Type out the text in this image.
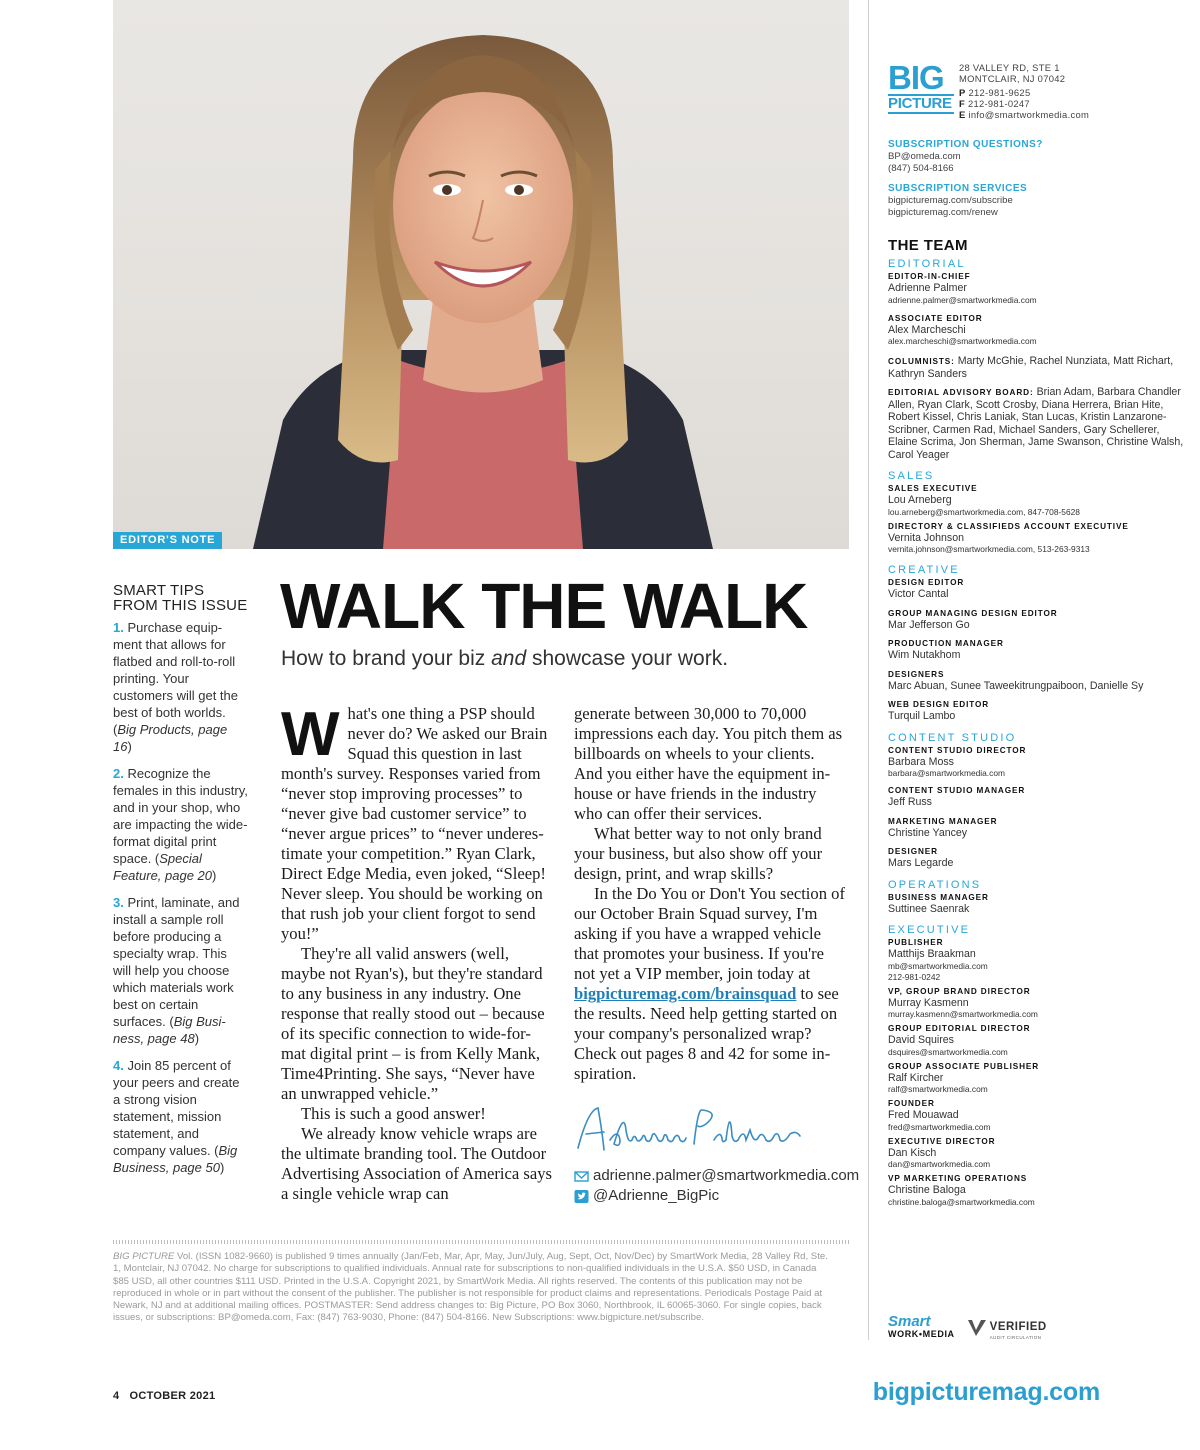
EDITOR'S NOTE
SMART TIPS FROM THIS ISSUE
1. Purchase equip-ment that allows for flatbed and roll-to-roll printing. Your customers will get the best of both worlds. (Big Products, page 16)
2. Recognize the females in this industry, and in your shop, who are impacting the wide-format digital print space. (Special Feature, page 20)
3. Print, laminate, and install a sample roll before producing a specialty wrap. This will help you choose which materials work best on certain surfaces. (Big Busi-ness, page 48)
4. Join 85 percent of your peers and create a strong vision statement, mission statement, and company values. (Big Business, page 50)
WALK THE WALK
How to brand your biz and showcase your work.

What's one thing a PSP should never do? We asked our Brain Squad this question in last month's survey. Responses varied from “never stop improving processes” to “never give bad customer service” to “never argue prices” to “never underes-timate your competition.” Ryan Clark, Direct Edge Media, even joked, “Sleep! Never sleep. You should be working on that rush job your client forgot to send you!”

They're all valid answers (well, maybe not Ryan's), but they're standard to any business in any industry. One response that really stood out – because of its specific connection to wide-for-mat digital print – is from Kelly Mank, Time4Printing. She says, “Never have an unwrapped vehicle.”

This is such a good answer!

We already know vehicle wraps are the ultimate branding tool. The Outdoor Advertising Association of America says a single vehicle wrap can

generate between 30,000 to 70,000 impressions each day. You pitch them as billboards on wheels to your clients. And you either have the equipment in-house or have friends in the industry who can offer their services.

What better way to not only brand your business, but also show off your design, print, and wrap skills?

In the Do You or Don't You section of our October Brain Squad survey, I'm asking if you have a wrapped vehicle that promotes your business. If you're not yet a VIP member, join today at bigpicturemag.com/brainsquad to see the results. Need help getting started on your company's personalized wrap? Check out pages 8 and 42 for some in-spiration.

adrienne.palmer@smartworkmedia.com
@Adrienne_BigPic
BIG PICTURE Vol. (ISSN 1082-9660) is published 9 times annually (Jan/Feb, Mar, Apr, May, Jun/July, Aug, Sept, Oct, Nov/Dec) by SmartWork Media, 28 Valley Rd, Ste. 1, Montclair, NJ 07042. No charge for subscriptions to qualified individuals. Annual rate for subscriptions to non-qualified individuals in the U.S.A. $50 USD, in Canada $85 USD, all other countries $111 USD. Printed in the U.S.A. Copyright 2021, by SmartWork Media. All rights reserved. The contents of this publication may not be reproduced in whole or in part without the consent of the publisher. The publisher is not responsible for product claims and representations. Periodicals Postage Paid at Newark, NJ and at additional mailing offices. POSTMASTER: Send address changes to: Big Picture, PO Box 3060, Northbrook, IL 60065-3060. For single copies, back issues, or subscriptions: BP@omeda.com, Fax: (847) 763-9030, Phone: (847) 504-8166. New Subscriptions: www.bigpicture.net/subscribe.
4 OCTOBER 2021	bigpicturemag.com
BIG
PICTURE
28 VALLEY RD, STE 1
MONTCLAIR, NJ 07042
P 212-981-9625
F 212-981-0247
E info@smartworkmedia.com
SUBSCRIPTION QUESTIONS?
BP@omeda.com
(847) 504-8166
SUBSCRIPTION SERVICES
bigpicturemag.com/subscribe
bigpicturemag.com/renew
THE TEAM
EDITORIAL
EDITOR-IN-CHIEF
Adrienne Palmer
adrienne.palmer@smartworkmedia.com
ASSOCIATE EDITOR
Alex Marcheschi
alex.marcheschi@smartworkmedia.com
COLUMNISTS: Marty McGhie, Rachel Nunziata, Matt Richart, Kathryn Sanders
EDITORIAL ADVISORY BOARD: Brian Adam, Barbara Chandler Allen, Ryan Clark, Scott Crosby, Diana Herrera, Brian Hite, Robert Kissel, Chris Laniak, Stan Lucas, Kristin Lanzarone-Scribner, Carmen Rad, Michael Sanders, Gary Schellerer, Elaine Scrima, Jon Sherman, Jame Swanson, Christine Walsh, Carol Yeager
SALES
SALES EXECUTIVE
Lou Arneberg
lou.arneberg@smartworkmedia.com, 847-708-5628
DIRECTORY & CLASSIFIEDS ACCOUNT EXECUTIVE
Vernita Johnson
vernita.johnson@smartworkmedia.com, 513-263-9313
CREATIVE
DESIGN EDITOR
Victor Cantal
GROUP MANAGING DESIGN EDITOR
Mar Jefferson Go
PRODUCTION MANAGER
Wim Nutakhom
DESIGNERS
Marc Abuan, Sunee Taweekitrungpaiboon, Danielle Sy
WEB DESIGN EDITOR
Turquil Lambo
CONTENT STUDIO
CONTENT STUDIO DIRECTOR
Barbara Moss
barbara@smartworkmedia.com
CONTENT STUDIO MANAGER
Jeff Russ
MARKETING MANAGER
Christine Yancey
DESIGNER
Mars Legarde
OPERATIONS
BUSINESS MANAGER
Suttinee Saenrak
EXECUTIVE
PUBLISHER
Matthijs Braakman
mb@smartworkmedia.com
212-981-0242
VP, GROUP BRAND DIRECTOR
Murray Kasmenn
murray.kasmenn@smartworkmedia.com
GROUP EDITORIAL DIRECTOR
David Squires
dsquires@smartworkmedia.com
GROUP ASSOCIATE PUBLISHER
Ralf Kircher
ralf@smartworkmedia.com
FOUNDER
Fred Mouawad
fred@smartworkmedia.com
EXECUTIVE DIRECTOR
Dan Kisch
dan@smartworkmedia.com
VP MARKETING OPERATIONS
Christine Baloga
christine.baloga@smartworkmedia.com
Smart
WORK•MEDIA
VERIFIED
AUDIT CIRCULATION
